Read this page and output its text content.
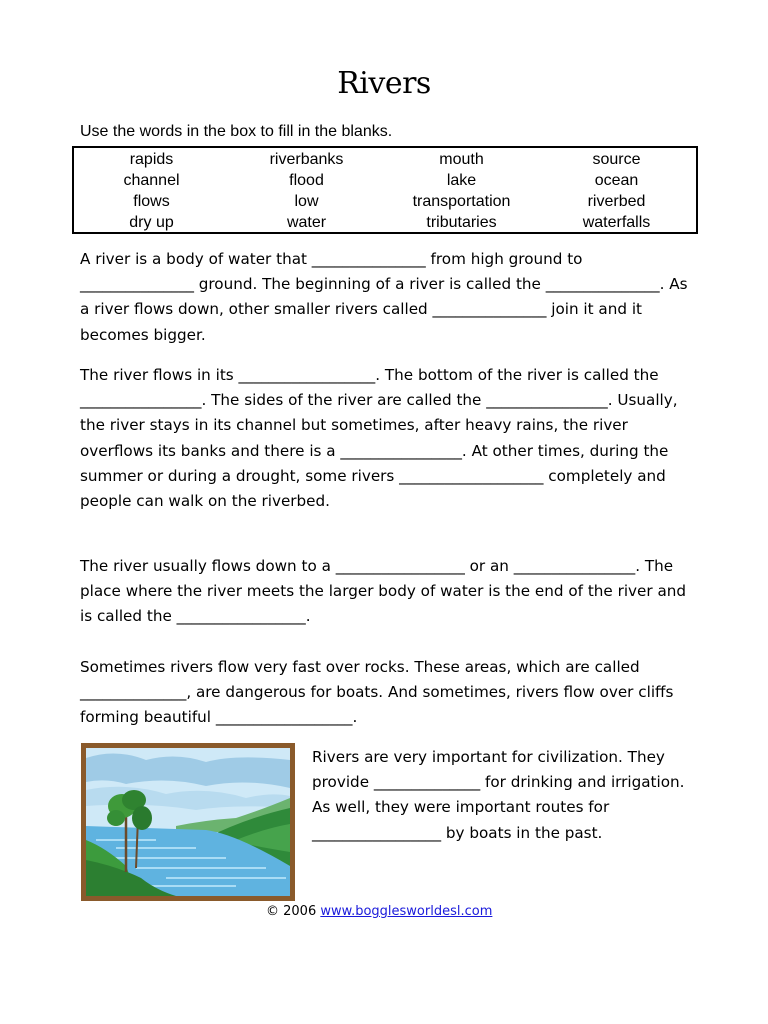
Rivers
Use the words in the box to fill in the blanks.
rapids	riverbanks	mouth	source
channel	flood	lake	ocean
flows	low	transportation	riverbed
dry up	water	tributaries	waterfalls

A river is a body of water that _______________ from high ground to _______________ ground. The beginning of a river is called the _______________. As a river flows down, other smaller rivers called _______________ join it and it becomes bigger.

The river flows in its __________________. The bottom of the river is called the ________________. The sides of the river are called the ________________. Usually, the river stays in its channel but sometimes, after heavy rains, the river overflows its banks and there is a ________________. At other times, during the summer or during a drought, some rivers ___________________ completely and people can walk on the riverbed.

The river usually flows down to a _________________ or an ________________. The place where the river meets the larger body of water is the end of the river and is called the _________________.

Sometimes rivers flow very fast over rocks. These areas, which are called ______________, are dangerous for boats. And sometimes, rivers flow over cliffs forming beautiful __________________.

Rivers are very important for civilization. They provide ______________ for drinking and irrigation. As well, they were important routes for _________________ by boats in the past.

© 2006 www.bogglesworldesl.com
